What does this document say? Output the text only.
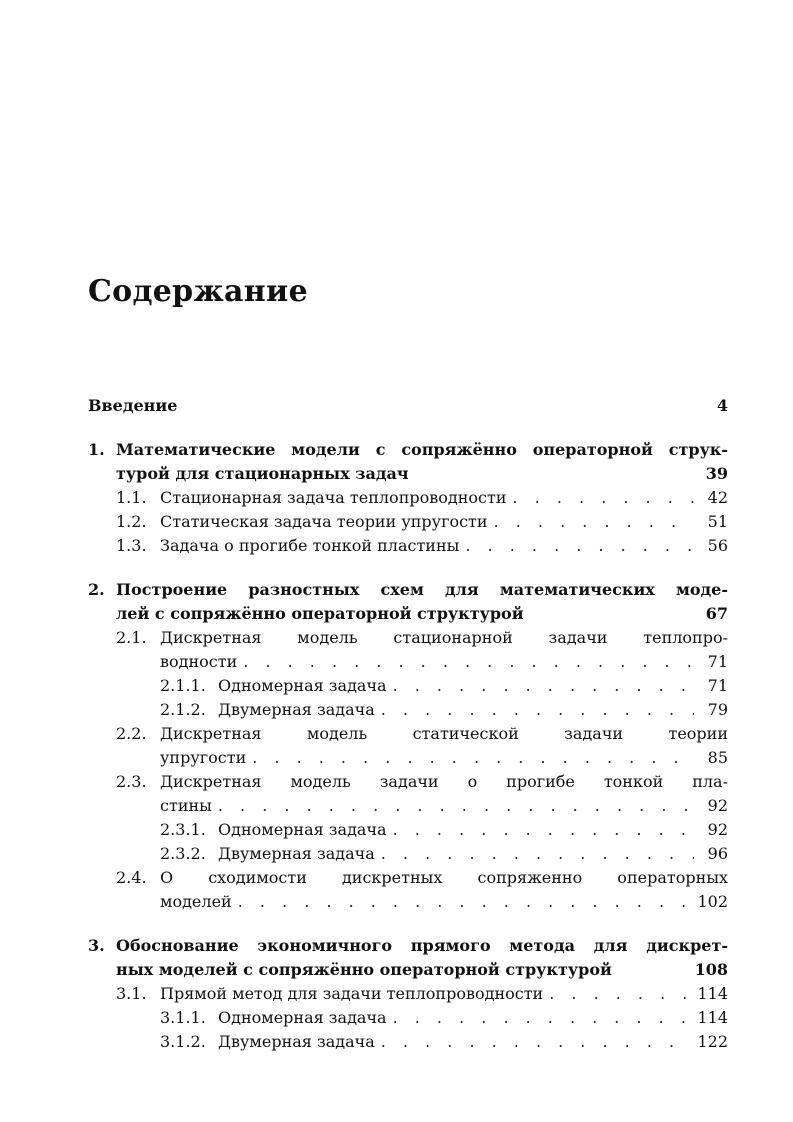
Содержание
Введение	4
1. Математические модели с сопряжённо операторной струк-
турой для стационарных задач	39
1.1. Стационарная задача теплопроводности . . .	42
1.2. Статическая задача теории упругости . . .	51
1.3. Задача о прогибе тонкой пластины . . .	56
2. Построение разностных схем для математических моде-
лей с сопряжённо операторной структурой	67
2.1. Дискретная модель стационарной задачи теплопро-
водности . . .	71
2.1.1. Одномерная задача . . .	71
2.1.2. Двумерная задача . . .	79
2.2. Дискретная модель статической задачи теории
упругости . . .	85
2.3. Дискретная модель задачи о прогибе тонкой пла-
стины . . .	92
2.3.1. Одномерная задача . . .	92
2.3.2. Двумерная задача . . .	96
2.4. О сходимости дискретных сопряженно операторных
моделей . . .	102
3. Обоснование экономичного прямого метода для дискрет-
ных моделей с сопряжённо операторной структурой	108
3.1. Прямой метод для задачи теплопроводности . . .	114
3.1.1. Одномерная задача . . .	114
3.1.2. Двумерная задача . . .	122
